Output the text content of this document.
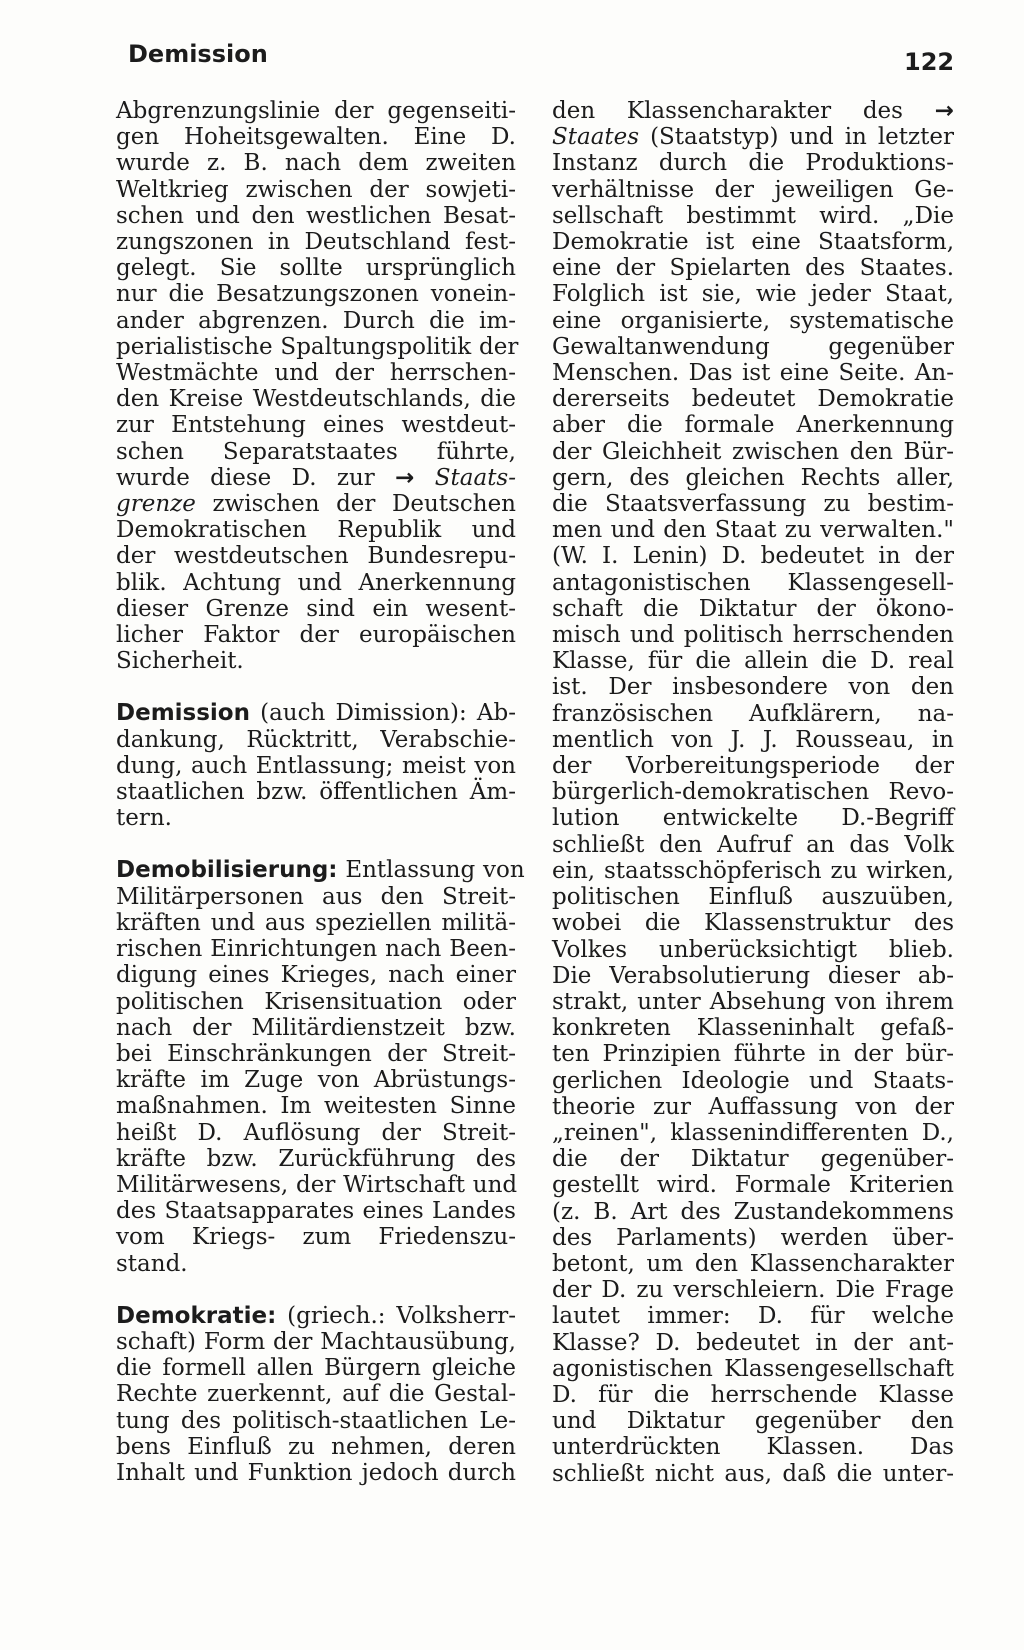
Demission	122
Abgrenzungslinie der gegenseiti-
gen Hoheitsgewalten. Eine D.
wurde z. B. nach dem zweiten
Weltkrieg zwischen der sowjeti-
schen und den westlichen Besat-
zungszonen in Deutschland fest-
gelegt. Sie sollte ursprünglich
nur die Besatzungszonen vonein-
ander abgrenzen. Durch die im-
perialistische Spaltungspolitik der
Westmächte und der herrschen-
den Kreise Westdeutschlands, die
zur Entstehung eines westdeut-
schen Separatstaates führte,
wurde diese D. zur → Staats-
grenze zwischen der Deutschen
Demokratischen Republik und
der westdeutschen Bundesrepu-
blik. Achtung und Anerkennung
dieser Grenze sind ein wesent-
licher Faktor der europäischen
Sicherheit.
Demission (auch Dimission): Ab-
dankung, Rücktritt, Verabschie-
dung, auch Entlassung; meist von
staatlichen bzw. öffentlichen Äm-
tern.
Demobilisierung: Entlassung von
Militärpersonen aus den Streit-
kräften und aus speziellen militä-
rischen Einrichtungen nach Been-
digung eines Krieges, nach einer
politischen Krisensituation oder
nach der Militärdienstzeit bzw.
bei Einschränkungen der Streit-
kräfte im Zuge von Abrüstungs-
maßnahmen. Im weitesten Sinne
heißt D. Auflösung der Streit-
kräfte bzw. Zurückführung des
Militärwesens, der Wirtschaft und
des Staatsapparates eines Landes
vom Kriegs- zum Friedenszu-
stand.
Demokratie: (griech.: Volksherr-
schaft) Form der Machtausübung,
die formell allen Bürgern gleiche
Rechte zuerkennt, auf die Gestal-
tung des politisch-staatlichen Le-
bens Einfluß zu nehmen, deren
Inhalt und Funktion jedoch durch
den Klassencharakter des →
Staates (Staatstyp) und in letzter
Instanz durch die Produktions-
verhältnisse der jeweiligen Ge-
sellschaft bestimmt wird. „Die
Demokratie ist eine Staatsform,
eine der Spielarten des Staates.
Folglich ist sie, wie jeder Staat,
eine organisierte, systematische
Gewaltanwendung gegenüber
Menschen. Das ist eine Seite. An-
dererseits bedeutet Demokratie
aber die formale Anerkennung
der Gleichheit zwischen den Bür-
gern, des gleichen Rechts aller,
die Staatsverfassung zu bestim-
men und den Staat zu verwalten."
(W. I. Lenin) D. bedeutet in der
antagonistischen Klassengesell-
schaft die Diktatur der ökono-
misch und politisch herrschenden
Klasse, für die allein die D. real
ist. Der insbesondere von den
französischen Aufklärern, na-
mentlich von J. J. Rousseau, in
der Vorbereitungsperiode der
bürgerlich-demokratischen Revo-
lution entwickelte D.-Begriff
schließt den Aufruf an das Volk
ein, staatsschöpferisch zu wirken,
politischen Einfluß auszuüben,
wobei die Klassenstruktur des
Volkes unberücksichtigt blieb.
Die Verabsolutierung dieser ab-
strakt, unter Absehung von ihrem
konkreten Klasseninhalt gefaß-
ten Prinzipien führte in der bür-
gerlichen Ideologie und Staats-
theorie zur Auffassung von der
„reinen", klassenindifferenten D.,
die der Diktatur gegenüber-
gestellt wird. Formale Kriterien
(z. B. Art des Zustandekommens
des Parlaments) werden über-
betont, um den Klassencharakter
der D. zu verschleiern. Die Frage
lautet immer: D. für welche
Klasse? D. bedeutet in der ant-
agonistischen Klassengesellschaft
D. für die herrschende Klasse
und Diktatur gegenüber den
unterdrückten Klassen. Das
schließt nicht aus, daß die unter-
